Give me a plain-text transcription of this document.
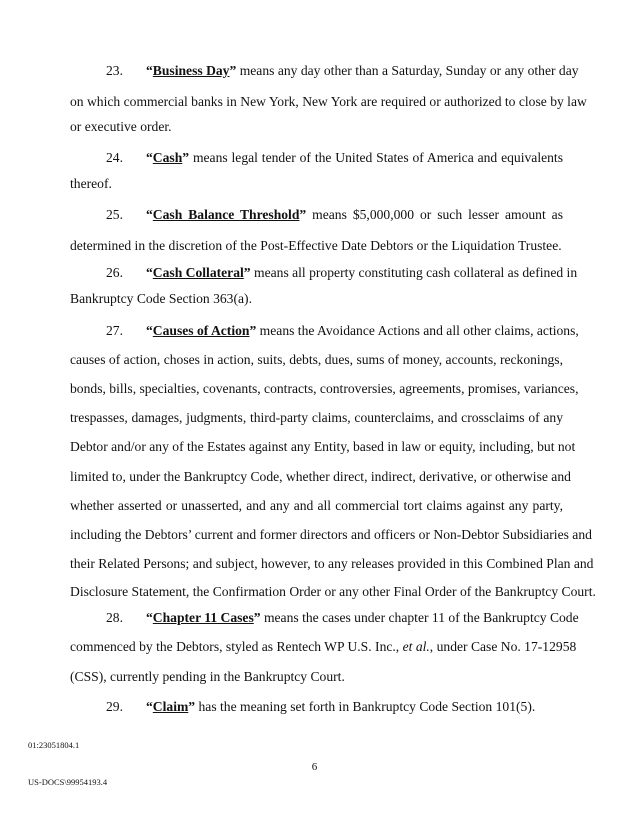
23. “Business Day” means any day other than a Saturday, Sunday or any other day
on which commercial banks in New York, New York are required or authorized to close by law
or executive order.
24. “Cash” means legal tender of the United States of America and equivalents
thereof.
25. “Cash Balance Threshold” means $5,000,000 or such lesser amount as
determined in the discretion of the Post-Effective Date Debtors or the Liquidation Trustee.
26. “Cash Collateral” means all property constituting cash collateral as defined in
Bankruptcy Code Section 363(a).
27. “Causes of Action” means the Avoidance Actions and all other claims, actions,
causes of action, choses in action, suits, debts, dues, sums of money, accounts, reckonings,
bonds, bills, specialties, covenants, contracts, controversies, agreements, promises, variances,
trespasses, damages, judgments, third-party claims, counterclaims, and crossclaims of any
Debtor and/or any of the Estates against any Entity, based in law or equity, including, but not
limited to, under the Bankruptcy Code, whether direct, indirect, derivative, or otherwise and
whether asserted or unasserted, and any and all commercial tort claims against any party,
including the Debtors’ current and former directors and officers or Non-Debtor Subsidiaries and
their Related Persons; and subject, however, to any releases provided in this Combined Plan and
Disclosure Statement, the Confirmation Order or any other Final Order of the Bankruptcy Court.
28. “Chapter 11 Cases” means the cases under chapter 11 of the Bankruptcy Code
commenced by the Debtors, styled as Rentech WP U.S. Inc., et al., under Case No. 17-12958
(CSS), currently pending in the Bankruptcy Court.
29. “Claim” has the meaning set forth in Bankruptcy Code Section 101(5).
01:23051804.1
6
US-DOCS\99954193.4
